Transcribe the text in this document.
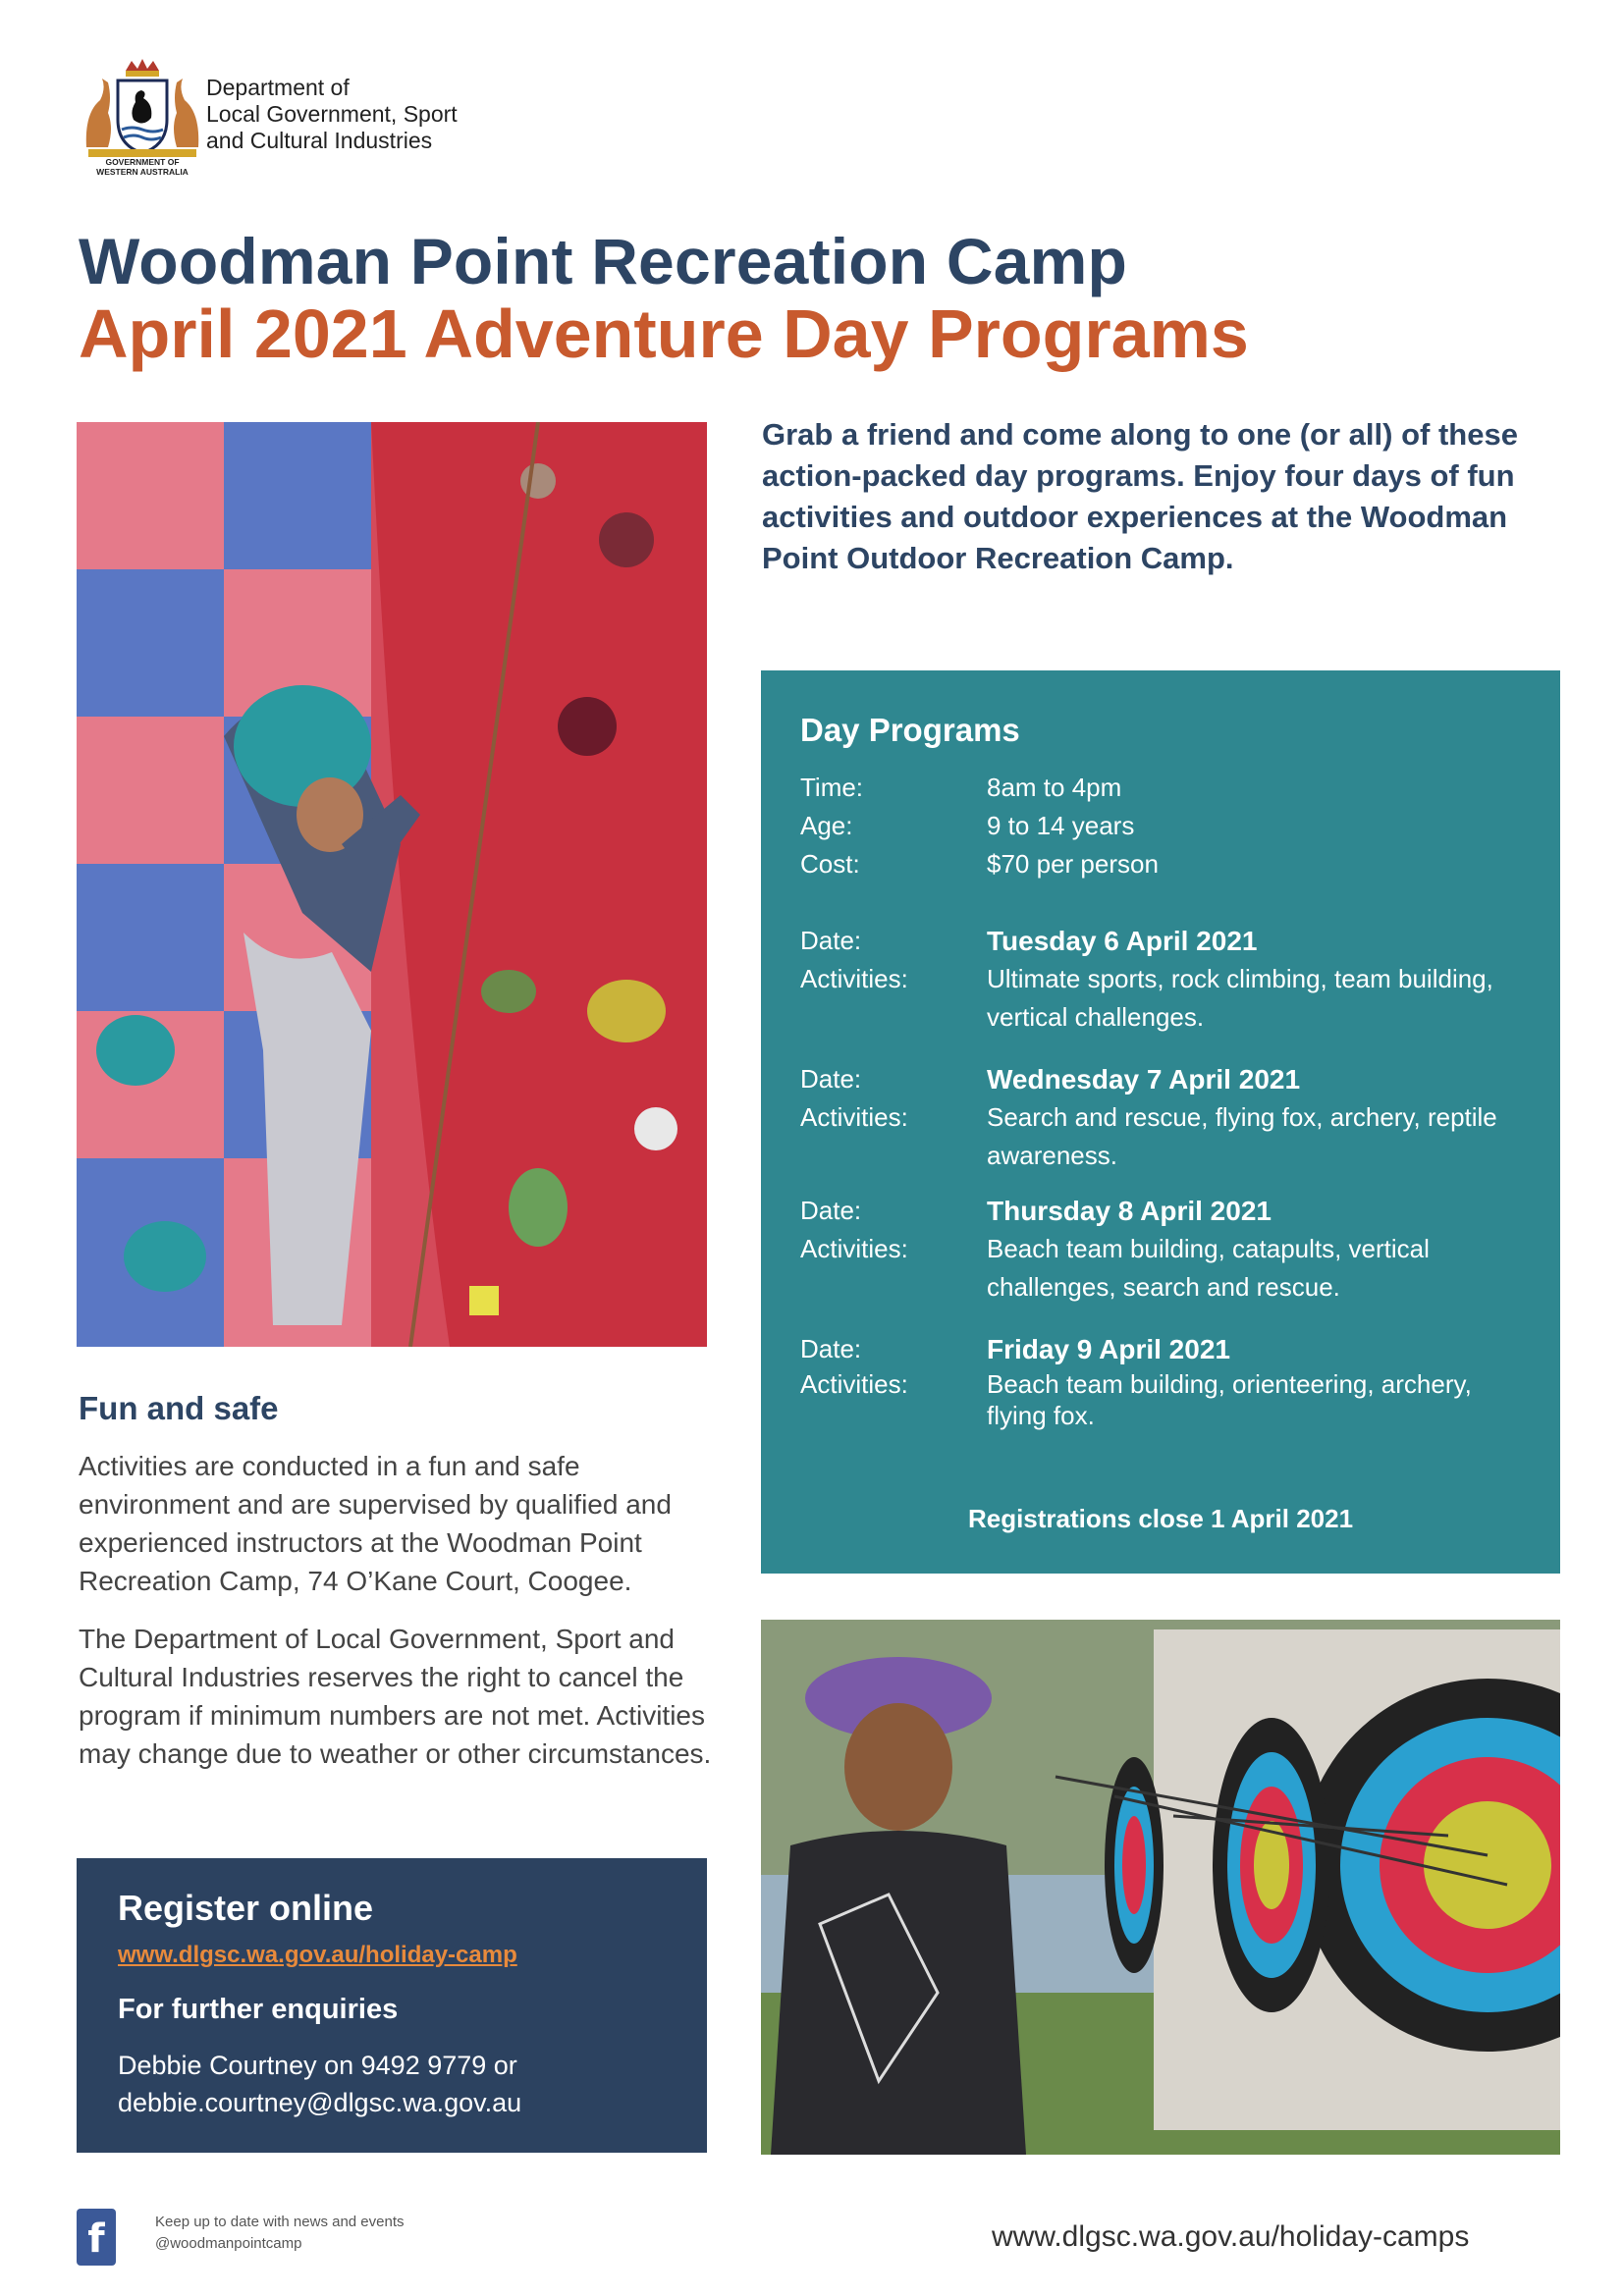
GOVERNMENT OF
WESTERN AUSTRALIA
Department of
Local Government, Sport
and Cultural Industries
Woodman Point Recreation Camp
April 2021 Adventure Day Programs
Grab a friend and come along to one (or all) of these action-packed day programs. Enjoy four days of fun activities and outdoor experiences at the Woodman Point Outdoor Recreation Camp.
Day Programs
Time:	8am to 4pm
Age:	9 to 14 years
Cost:	$70 per person
Date:	Tuesday 6 April 2021
Activities:	Ultimate sports, rock climbing, team building, vertical challenges.
Date:	Wednesday 7 April 2021
Activities:	Search and rescue, flying fox, archery, reptile awareness.
Date:	Thursday 8 April 2021
Activities:	Beach team building, catapults, vertical challenges, search and rescue.
Date:	Friday 9 April 2021
Activities:	Beach team building, orienteering, archery, flying fox.
Registrations close 1 April 2021
Fun and safe
Activities are conducted in a fun and safe environment and are supervised by qualified and experienced instructors at the Woodman Point Recreation Camp, 74 O’Kane Court, Coogee.
The Department of Local Government, Sport and Cultural Industries reserves the right to cancel the program if minimum numbers are not met. Activities may change due to weather or other circumstances.
Register online
www.dlgsc.wa.gov.au/holiday-camp
For further enquiries
Debbie Courtney on 9492 9779 or
debbie.courtney@dlgsc.wa.gov.au
f	Keep up to date with news and events
@woodmanpointcamp	www.dlgsc.wa.gov.au/holiday-camps
